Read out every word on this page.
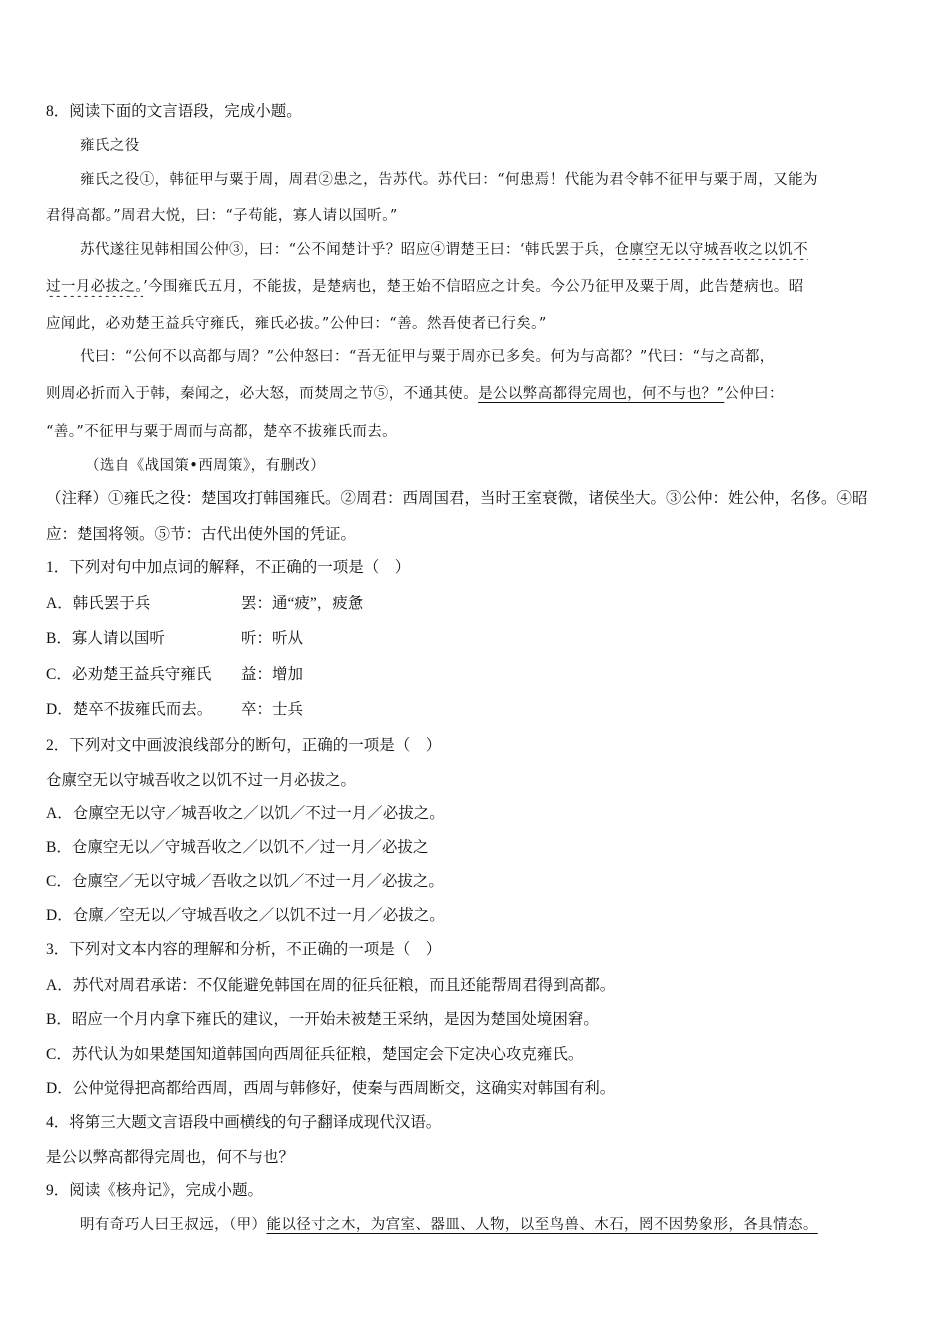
8．阅读下面的文言语段，完成小题。
雍氏之役
雍氏之役①，韩征甲与粟于周，周君②患之，告苏代。苏代曰：“何患焉！代能为君令韩不征甲与粟于周，又能为
君得高都。”周君大悦，曰：“子苟能，寡人请以国听。”
苏代遂往见韩相国公仲③，曰：“公不闻楚计乎？昭应④谓楚王曰：‘韩氏罢于兵，仓廪空无以守城吾收之以饥不
过一月必拔之。’今围雍氏五月，不能拔，是楚病也，楚王始不信昭应之计矣。今公乃征甲及粟于周，此告楚病也。昭
应闻此，必劝楚王益兵守雍氏，雍氏必拔。”公仲曰：“善。然吾使者已行矣。”
代曰：“公何不以高都与周？”公仲怒曰：“吾无征甲与粟于周亦已多矣。何为与高都？”代曰：“与之高都，
则周必折而入于韩，秦闻之，必大怒，而焚周之节⑤，不通其使。是公以弊高都得完周也，何不与也？”公仲曰：
“善。”不征甲与粟于周而与高都，楚卒不拔雍氏而去。
（选自《战国策•西周策》，有删改）
（注释）①雍氏之役：楚国攻打韩国雍氏。②周君：西周国君，当时王室衰微，诸侯坐大。③公仲：姓公仲，名侈。④昭
应：楚国将领。⑤节：古代出使外国的凭证。
1．下列对句中加点词的解释，不正确的一项是（　）
A．韩氏罢于兵	罢：通“疲”，疲惫
B．寡人请以国听	听：听从
C．必劝楚王益兵守雍氏 益：增加
D．楚卒不拔雍氏而去。 卒：士兵
2．下列对文中画波浪线部分的断句，正确的一项是（　）
仓廪空无以守城吾收之以饥不过一月必拔之。
A．仓廪空无以守／城吾收之／以饥／不过一月／必拔之。
B．仓廪空无以／守城吾收之／以饥不／过一月／必拔之
C．仓廪空／无以守城／吾收之以饥／不过一月／必拔之。
D．仓廪／空无以／守城吾收之／以饥不过一月／必拔之。
3．下列对文本内容的理解和分析，不正确的一项是（　）
A．苏代对周君承诺：不仅能避免韩国在周的征兵征粮，而且还能帮周君得到高都。
B．昭应一个月内拿下雍氏的建议，一开始未被楚王采纳，是因为楚国处境困窘。
C．苏代认为如果楚国知道韩国向西周征兵征粮，楚国定会下定决心攻克雍氏。
D．公仲觉得把高都给西周，西周与韩修好，使秦与西周断交，这确实对韩国有利。
4．将第三大题文言语段中画横线的句子翻译成现代汉语。
是公以弊高都得完周也，何不与也？
9．阅读《核舟记》，完成小题。
明有奇巧人曰王叔远，（甲）能以径寸之木，为宫室、器皿、人物，以至鸟兽、木石，罔不因势象形，各具情态。
